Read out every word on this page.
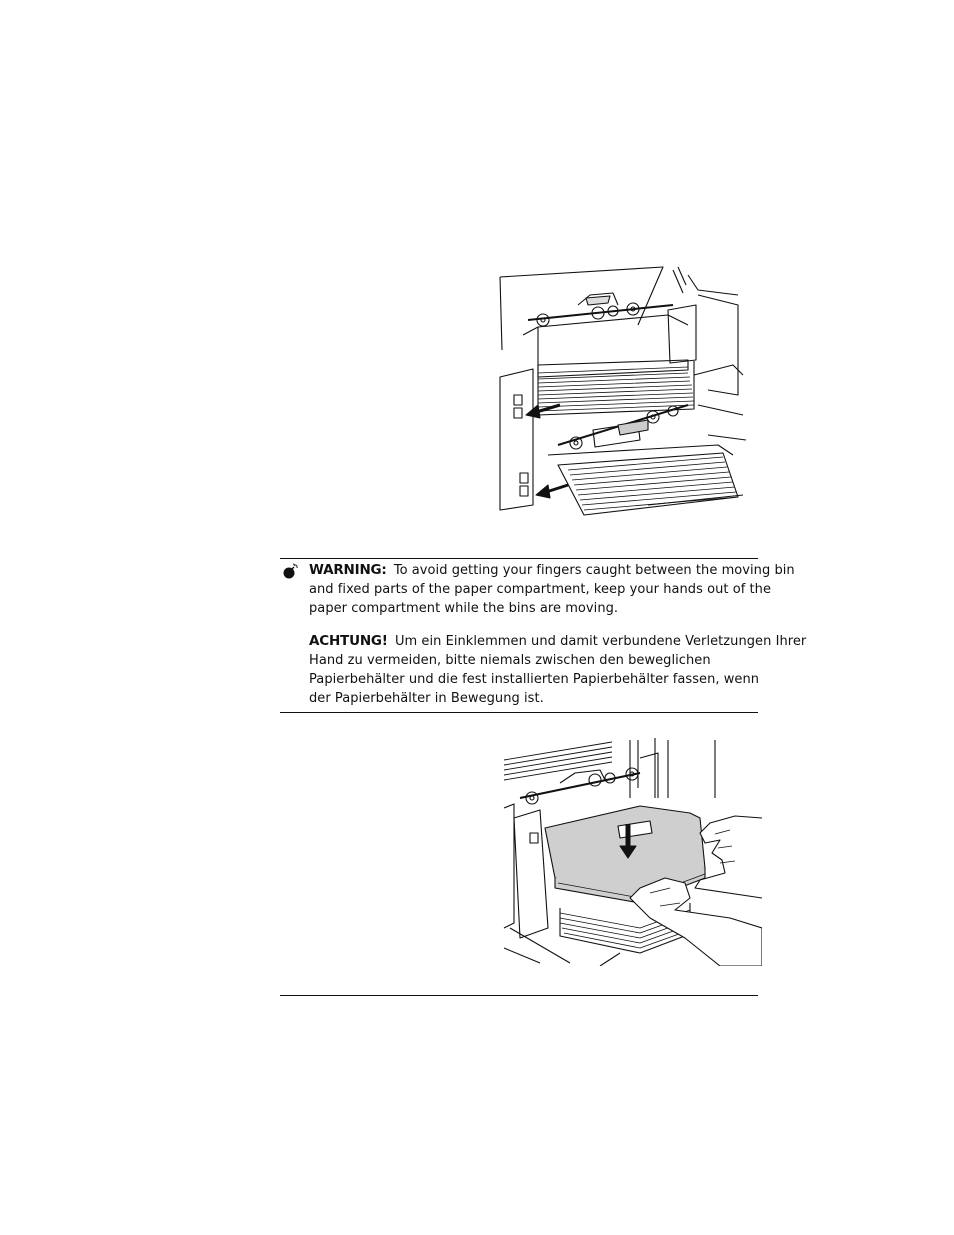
WARNING: To avoid getting your fingers caught between the moving bin
and fixed parts of the paper compartment, keep your hands out of the
paper compartment while the bins are moving.
ACHTUNG! Um ein Einklemmen und damit verbundene Verletzungen Ihrer
Hand zu vermeiden, bitte niemals zwischen den beweglichen
Papierbehälter und die fest installierten Papierbehälter fassen, wenn
der Papierbehälter in Bewegung ist.
